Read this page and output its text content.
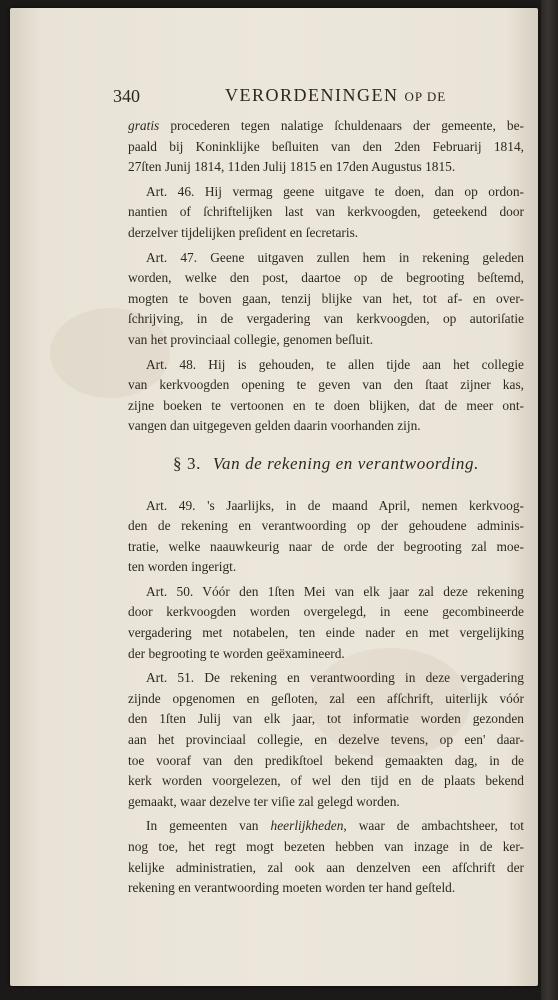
340	VERORDENINGEN OP DE
gratis procederen tegen nalatige ſchuldenaars der gemeente, be-
paald bij Koninklijke beſluiten van den 2den Februarij 1814,
27ſten Junij 1814, 11den Julij 1815 en 17den Augustus 1815.
Art. 46. Hij vermag geene uitgave te doen, dan op ordon-
nantien of ſchriftelijken last van kerkvoogden, geteekend door
derzelver tijdelijken preſident en ſecretaris.
Art. 47. Geene uitgaven zullen hem in rekening geleden
worden, welke den post, daartoe op de begrooting beſtemd,
mogten te boven gaan, tenzij blijke van het, tot af- en over-
ſchrijving, in de vergadering van kerkvoogden, op autoriſatie
van het provinciaal collegie, genomen beſluit.
Art. 48. Hij is gehouden, te allen tijde aan het collegie
van kerkvoogden opening te geven van den ſtaat zijner kas,
zijne boeken te vertoonen en te doen blijken, dat de meer ont-
vangen dan uitgegeven gelden daarin voorhanden zijn.
§ 3. Van de rekening en verantwoording.
Art. 49. 's Jaarlijks, in de maand April, nemen kerkvoog-
den de rekening en verantwoording op der gehoudene adminis-
tratie, welke naauwkeurig naar de orde der begrooting zal moe-
ten worden ingerigt.
Art. 50. Vóór den 1ſten Mei van elk jaar zal deze rekening
door kerkvoogden worden overgelegd, in eene gecombineerde
vergadering met notabelen, ten einde nader en met vergelijking
der begrooting te worden geëxamineerd.
Art. 51. De rekening en verantwoording in deze vergadering
zijnde opgenomen en geſloten, zal een afſchrift, uiterlijk vóór
den 1ſten Julij van elk jaar, tot informatie worden gezonden
aan het provinciaal collegie, en dezelve tevens, op een' daar-
toe vooraf van den predikſtoel bekend gemaakten dag, in de
kerk worden voorgelezen, of wel den tijd en de plaats bekend
gemaakt, waar dezelve ter viſie zal gelegd worden.
In gemeenten van heerlijkheden, waar de ambachtsheer, tot
nog toe, het regt mogt bezeten hebben van inzage in de ker-
kelijke administratien, zal ook aan denzelven een afſchrift der
rekening en verantwoording moeten worden ter hand geſteld.
